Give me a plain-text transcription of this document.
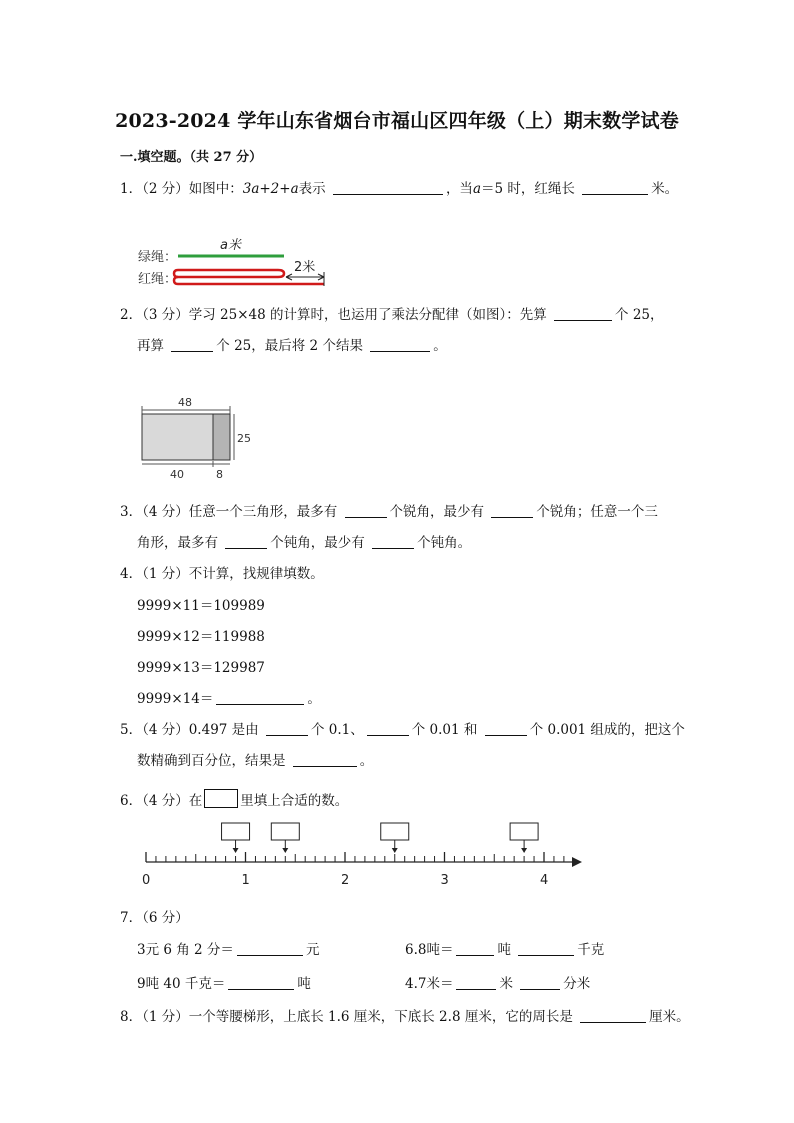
2023-2024 学年山东省烟台市福山区四年级（上）期末数学试卷
一.填空题。（共 27 分）
1．（2 分）如图中：3a+2+a表示	，当a＝5 时，红绳长	米。
绿绳：
红绳：
a米
2米
2．（3 分）学习 25×48 的计算时，也运用了乘法分配律（如图）：先算	个 25，
再算	个 25，最后将 2 个结果	。
48
25
40	8
3．（4 分）任意一个三角形，最多有	个锐角，最少有	个锐角；任意一个三
角形，最多有	个钝角，最少有	个钝角。
4．（1 分）不计算，找规律填数。
9999×11＝109989
9999×12＝119988
9999×13＝129987
9999×14＝	。
5．（4 分）0.497 是由	个 0.1、	个 0.01 和	个 0.001 组成的，把这个
数精确到百分位，结果是	。
6．（4 分）在	里填上合适的数。
0	1	2	3	4
7．（6 分）
3元 6 角 2 分＝	元	6.8吨＝	吨	千克
9吨 40 千克＝	吨	4.7米＝	米	分米
8．（1 分）一个等腰梯形，上底长 1.6 厘米，下底长 2.8 厘米，它的周长是	厘米。
